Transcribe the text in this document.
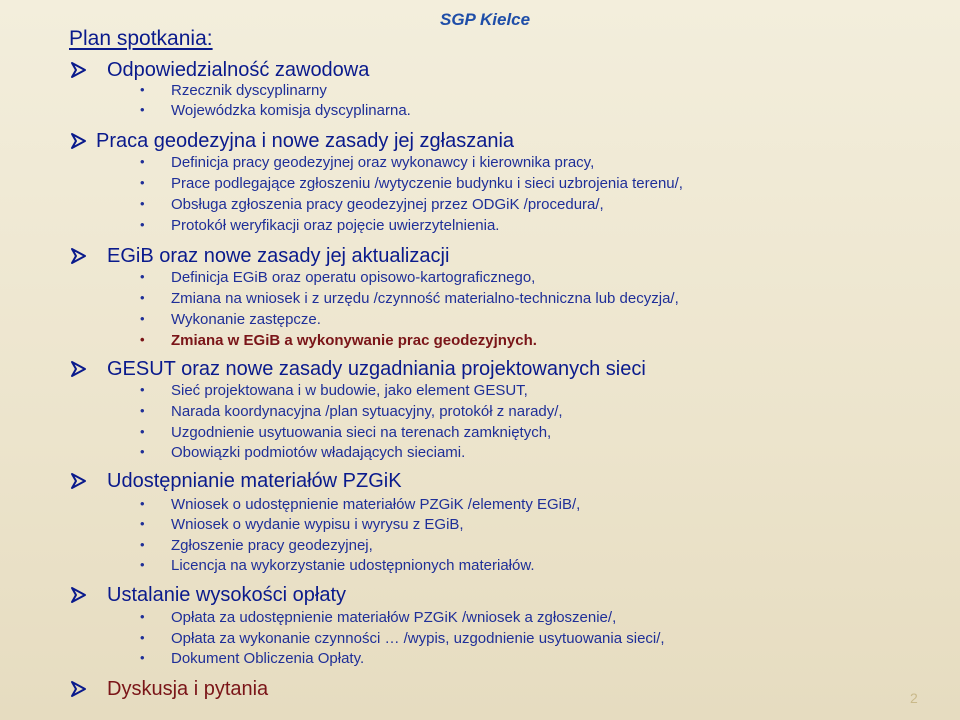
Plan spotkania:
SGP Kielce
Odpowiedzialność zawodowa
• Rzecznik dyscyplinarny
• Wojewódzka komisja dyscyplinarna.
Praca geodezyjna i nowe zasady jej zgłaszania
• Definicja pracy geodezyjnej oraz wykonawcy i kierownika pracy,
• Prace podlegające zgłoszeniu /wytyczenie budynku i sieci uzbrojenia terenu/,
• Obsługa zgłoszenia pracy geodezyjnej przez ODGiK /procedura/,
• Protokół weryfikacji oraz pojęcie uwierzytelnienia.
EGiB oraz nowe zasady jej aktualizacji
• Definicja EGiB oraz operatu opisowo-kartograficznego,
• Zmiana na wniosek i z urzędu /czynność materialno-techniczna lub decyzja/,
• Wykonanie zastępcze.
• Zmiana w EGiB a wykonywanie prac geodezyjnych.
GESUT oraz nowe zasady uzgadniania projektowanych sieci
• Sieć projektowana i w budowie, jako element GESUT,
• Narada koordynacyjna /plan sytuacyjny, protokół z narady/,
• Uzgodnienie usytuowania sieci na terenach zamkniętych,
• Obowiązki podmiotów władających sieciami.
Udostępnianie materiałów PZGiK
• Wniosek o udostępnienie materiałów PZGiK /elementy EGiB/,
• Wniosek o wydanie wypisu i wyrysu z EGiB,
• Zgłoszenie pracy geodezyjnej,
• Licencja na wykorzystanie udostępnionych materiałów.
Ustalanie wysokości opłaty
• Opłata za udostępnienie materiałów PZGiK /wniosek a zgłoszenie/,
• Opłata za wykonanie czynności … /wypis, uzgodnienie usytuowania sieci/,
• Dokument Obliczenia Opłaty.
Dyskusja i pytania	2
